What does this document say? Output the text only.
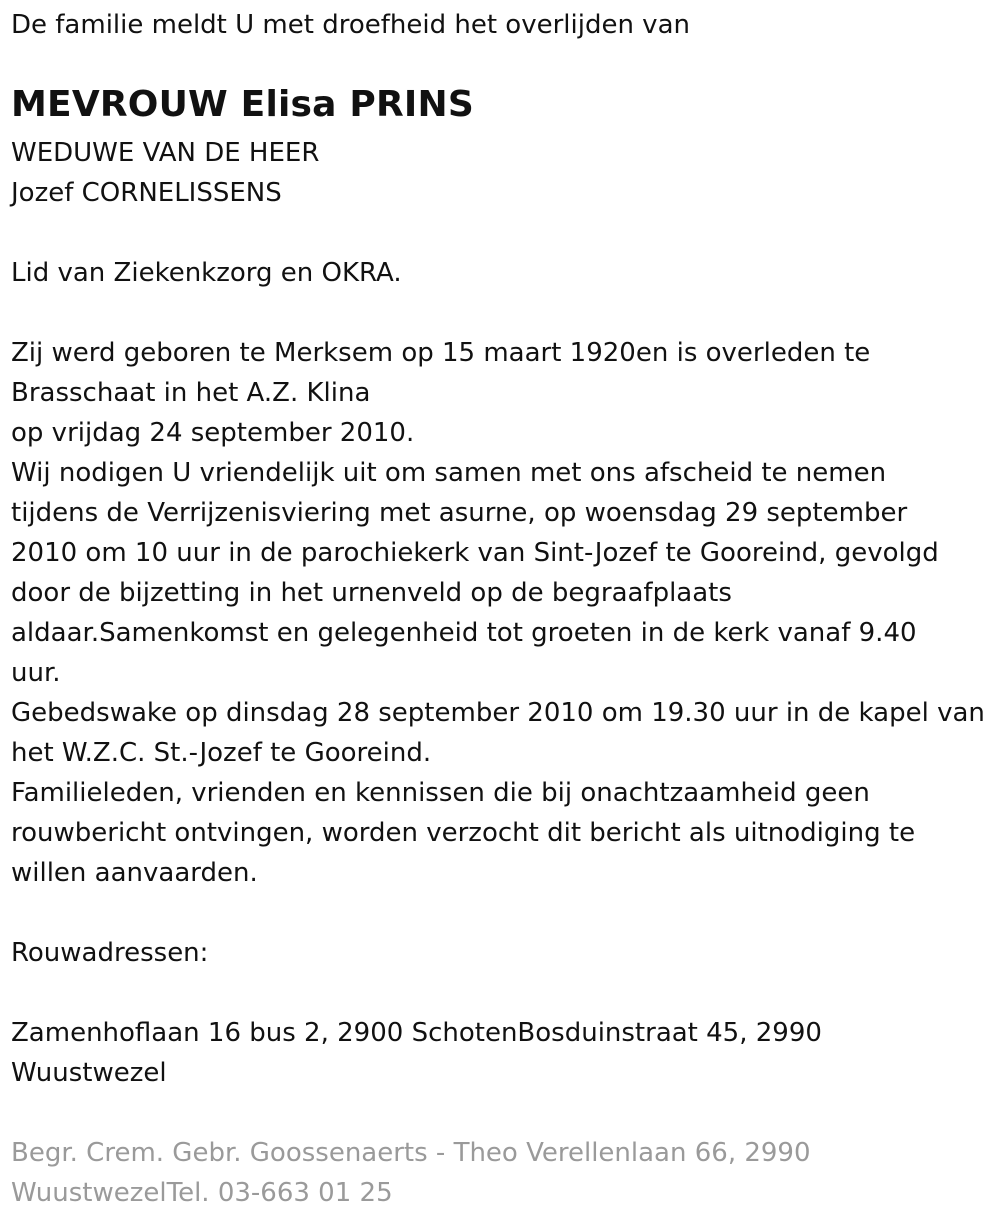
De familie meldt U met droefheid het overlijden van
MEVROUW Elisa PRINS
WEDUWE VAN DE HEER
Jozef CORNELISSENS
Lid van Ziekenkzorg en OKRA.
Zij werd geboren te Merksem op 15 maart 1920en is overleden te
Brasschaat in het A.Z. Klina
op vrijdag 24 september 2010.
Wij nodigen U vriendelijk uit om samen met ons afscheid te nemen
tijdens de Verrijzenisviering met asurne, op woensdag 29 september
2010 om 10 uur in de parochiekerk van Sint-Jozef te Gooreind, gevolgd
door de bijzetting in het urnenveld op de begraafplaats
aldaar.Samenkomst en gelegenheid tot groeten in de kerk vanaf 9.40
uur.
Gebedswake op dinsdag 28 september 2010 om 19.30 uur in de kapel van
het W.Z.C. St.-Jozef te Gooreind.
Familieleden, vrienden en kennissen die bij onachtzaamheid geen
rouwbericht ontvingen, worden verzocht dit bericht als uitnodiging te
willen aanvaarden.
Rouwadressen:
Zamenhoflaan 16 bus 2, 2900 SchotenBosduinstraat 45, 2990
Wuustwezel
Begr. Crem. Gebr. Goossenaerts - Theo Verellenlaan 66, 2990
WuustwezelTel. 03-663 01 25
